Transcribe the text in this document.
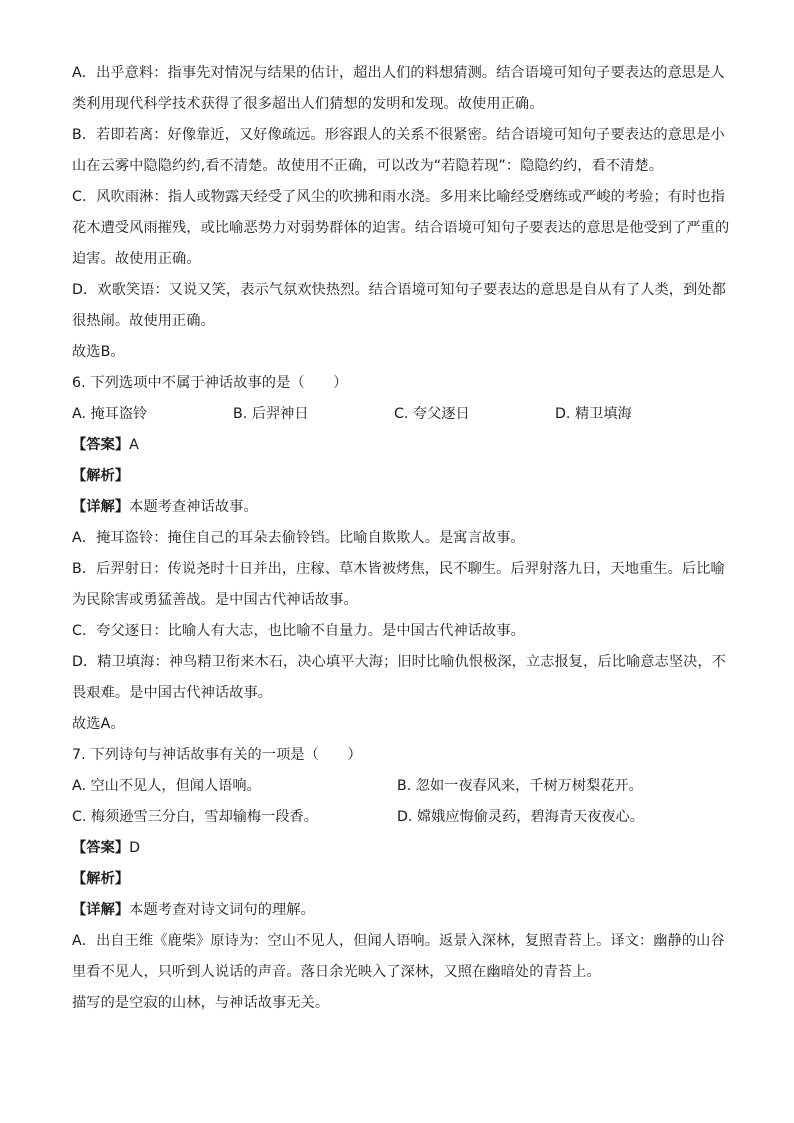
A．出乎意料：指事先对情况与结果的估计，超出人们的料想猜测。结合语境可知句子要表达的意思是人
类利用现代科学技术获得了很多超出人们猜想的发明和发现。故使用正确。
B．若即若离：好像靠近，又好像疏远。形容跟人的关系不很紧密。结合语境可知句子要表达的意思是小
山在云雾中隐隐约约,看不清楚。故使用不正确，可以改为“若隐若现”：隐隐约约，看不清楚。
C．风吹雨淋：指人或物露天经受了风尘的吹拂和雨水浇。多用来比喻经受磨练或严峻的考验；有时也指
花木遭受风雨摧残，或比喻恶势力对弱势群体的迫害。结合语境可知句子要表达的意思是他受到了严重的
迫害。故使用正确。
D．欢歌笑语：又说又笑，表示气氛欢快热烈。结合语境可知句子要表达的意思是自从有了人类，到处都
很热闹。故使用正确。
故选B。
6. 下列选项中不属于神话故事的是（　　）
A. 掩耳盗铃	B. 后羿神日	C. 夸父逐日	D. 精卫填海
【答案】A
【解析】
【详解】本题考查神话故事。
A．掩耳盗铃：掩住自己的耳朵去偷铃铛。比喻自欺欺人。是寓言故事。
B．后羿射日：传说尧时十日并出，庄稼、草木皆被烤焦，民不聊生。后羿射落九日，天地重生。后比喻
为民除害或勇猛善战。是中国古代神话故事。
C．夸父逐日：比喻人有大志，也比喻不自量力。是中国古代神话故事。
D．精卫填海：神鸟精卫衔来木石，决心填平大海；旧时比喻仇恨极深，立志报复，后比喻意志坚决，不
畏艰难。是中国古代神话故事。
故选A。
7. 下列诗句与神话故事有关的一项是（　　）
A. 空山不见人，但闻人语响。	B. 忽如一夜春风来，千树万树梨花开。
C. 梅须逊雪三分白，雪却输梅一段香。	D. 嫦娥应悔偷灵药，碧海青天夜夜心。
【答案】D
【解析】
【详解】本题考查对诗文词句的理解。
A．出自王维《鹿柴》原诗为：空山不见人，但闻人语响。返景入深林，复照青苔上。译文：幽静的山谷
里看不见人，只听到人说话的声音。落日余光映入了深林，又照在幽暗处的青苔上。
描写的是空寂的山林，与神话故事无关。
